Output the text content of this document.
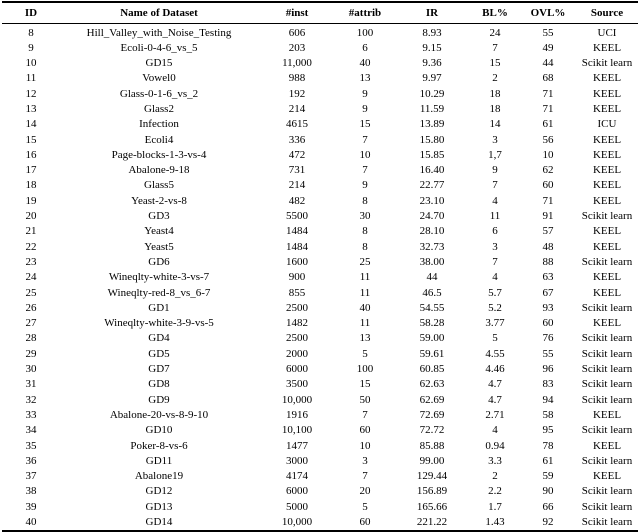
ID	Name of Dataset	#inst	#attrib	IR	BL%	OVL%	Source
8	Hill_Valley_with_Noise_Testing	606	100	8.93	24	55	UCI
9	Ecoli-0-4-6_vs_5	203	6	9.15	7	49	KEEL
10	GD15	11,000	40	9.36	15	44	Scikit learn
11	Vowel0	988	13	9.97	2	68	KEEL
12	Glass-0-1-6_vs_2	192	9	10.29	18	71	KEEL
13	Glass2	214	9	11.59	18	71	KEEL
14	Infection	4615	15	13.89	14	61	ICU
15	Ecoli4	336	7	15.80	3	56	KEEL
16	Page-blocks-1-3-vs-4	472	10	15.85	1,7	10	KEEL
17	Abalone-9-18	731	7	16.40	9	62	KEEL
18	Glass5	214	9	22.77	7	60	KEEL
19	Yeast-2-vs-8	482	8	23.10	4	71	KEEL
20	GD3	5500	30	24.70	11	91	Scikit learn
21	Yeast4	1484	8	28.10	6	57	KEEL
22	Yeast5	1484	8	32.73	3	48	KEEL
23	GD6	1600	25	38.00	7	88	Scikit learn
24	Wineqlty-white-3-vs-7	900	11	44	4	63	KEEL
25	Wineqlty-red-8_vs_6-7	855	11	46.5	5.7	67	KEEL
26	GD1	2500	40	54.55	5.2	93	Scikit learn
27	Wineqlty-white-3-9-vs-5	1482	11	58.28	3.77	60	KEEL
28	GD4	2500	13	59.00	5	76	Scikit learn
29	GD5	2000	5	59.61	4.55	55	Scikit learn
30	GD7	6000	100	60.85	4.46	96	Scikit learn
31	GD8	3500	15	62.63	4.7	83	Scikit learn
32	GD9	10,000	50	62.69	4.7	94	Scikit learn
33	Abalone-20-vs-8-9-10	1916	7	72.69	2.71	58	KEEL
34	GD10	10,100	60	72.72	4	95	Scikit learn
35	Poker-8-vs-6	1477	10	85.88	0.94	78	KEEL
36	GD11	3000	3	99.00	3.3	61	Scikit learn
37	Abalone19	4174	7	129.44	2	59	KEEL
38	GD12	6000	20	156.89	2.2	90	Scikit learn
39	GD13	5000	5	165.66	1.7	66	Scikit learn
40	GD14	10,000	60	221.22	1.43	92	Scikit learn
